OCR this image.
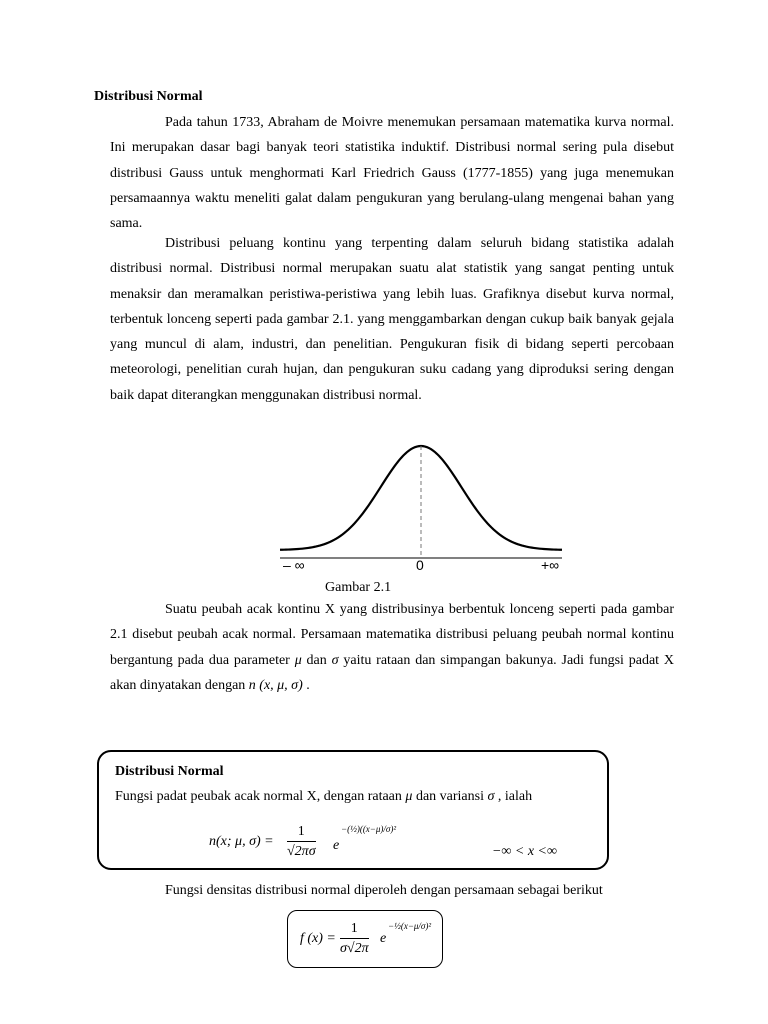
Distribusi Normal

Pada tahun 1733, Abraham de Moivre menemukan persamaan matematika kurva normal. Ini merupakan dasar bagi banyak teori statistika induktif. Distribusi normal sering pula disebut distribusi Gauss untuk menghormati Karl Friedrich Gauss (1777-1855) yang juga menemukan persamaannya waktu meneliti galat dalam pengukuran yang berulang-ulang mengenai bahan yang sama.

Distribusi peluang kontinu yang terpenting dalam seluruh bidang statistika adalah distribusi normal. Distribusi normal merupakan suatu alat statistik yang sangat penting untuk menaksir dan meramalkan peristiwa-peristiwa yang lebih luas. Grafiknya disebut kurva normal, terbentuk lonceng seperti pada gambar 2.1. yang menggambarkan dengan cukup baik banyak gejala yang muncul di alam, industri, dan penelitian. Pengukuran fisik di bidang seperti percobaan meteorologi, penelitian curah hujan, dan pengukuran suku cadang yang diproduksi sering dengan baik dapat diterangkan menggunakan distribusi normal.

– ∞	0	+∞
Gambar 2.1

Suatu peubah acak kontinu X yang distribusinya berbentuk lonceng seperti pada gambar 2.1 disebut peubah acak normal. Persamaan matematika distribusi peluang peubah normal kontinu bergantung pada dua parameter μ dan σ yaitu rataan dan simpangan bakunya. Jadi fungsi padat X akan dinyatakan dengan n (x, μ, σ) .

Distribusi Normal
Fungsi padat peubak acak normal X, dengan rataan μ dan variansi σ , ialah
n(x; μ, σ) =
1
√2πσ e
−(½)((x−μ)/σ)²
−∞ < x <∞
Fungsi densitas distribusi normal diperoleh dengan persamaan sebagai berikut
f (x) =
1
σ√2π
e
−½(x−μ/σ)²
